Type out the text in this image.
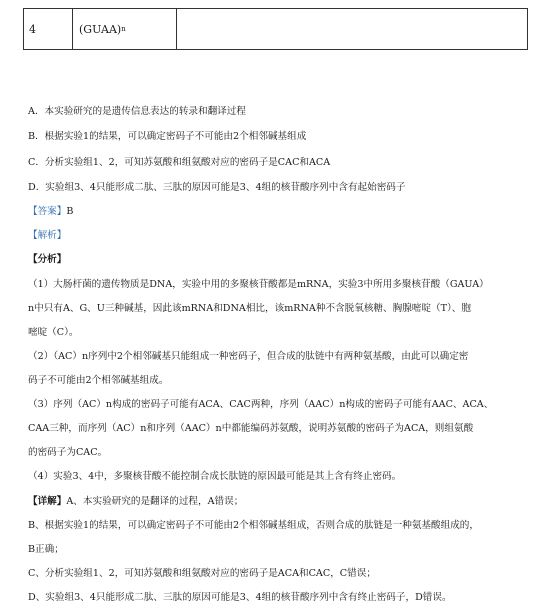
4	(GUAA) n
A．本实验研究的是遗传信息表达的转录和翻译过程
B．根据实验1的结果，可以确定密码子不可能由2个相邻碱基组成
C．分析实验组1、2，可知苏氨酸和组氨酸对应的密码子是CAC和ACA
D．实验组3、4只能形成二肽、三肽的原因可能是3、4组的核苷酸序列中含有起始密码子
【答案】B
【解析】
【分析】
（1）大肠杆菌的遗传物质是DNA，实验中用的多聚核苷酸都是mRNA，实验3中所用多聚核苷酸（GAUA）
n中只有A、G、U三种碱基，因此该mRNA和DNA相比，该mRNA种不含脱氧核糖、胸腺嘧啶（T）、胞
嘧啶（C）。
（2）（AC）n序列中2个相邻碱基只能组成一种密码子，但合成的肽链中有两种氨基酸，由此可以确定密
码子不可能由2个相邻碱基组成。
（3）序列（AC）n构成的密码子可能有ACA、CAC两种，序列（AAC）n构成的密码子可能有AAC、ACA、
CAA三种，而序列（AC）n和序列（AAC）n中都能编码苏氨酸，说明苏氨酸的密码子为ACA，则组氨酸
的密码子为CAC。
（4）实验3、4中，多聚核苷酸不能控制合成长肽链的原因最可能是其上含有终止密码。
【详解】A、本实验研究的是翻译的过程，A错误；
B、根据实验1的结果，可以确定密码子不可能由2个相邻碱基组成，否则合成的肽链是一种氨基酸组成的，
B正确；
C、分析实验组1、2，可知苏氨酸和组氨酸对应的密码子是ACA和CAC，C错误；
D、实验组3、4只能形成二肽、三肽的原因可能是3、4组的核苷酸序列中含有终止密码子，D错误。
